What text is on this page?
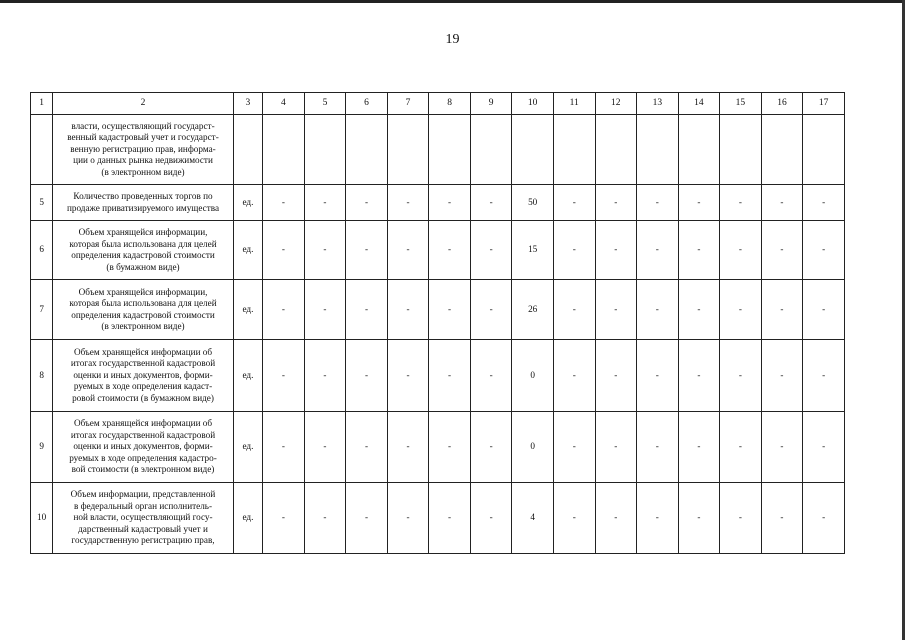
19
1	2	3	4	5	6	7	8	9	10	11	12	13	14	15	16	17

	власти, осуществляющий государст-
венный кадастровый учет и государст-
венную регистрацию прав, информа-
ции о данных рынка недвижимости
(в электронном виде)															

5	Количество проведенных торгов по
продаже приватизируемого имущества	ед.	-	-	-	-	-	-	50	-	-	-	-	-	-	-
6	Объем хранящейся информации,
которая была использована для целей
определения кадастровой стоимости
(в бумажном виде)	ед.	-	-	-	-	-	-	15	-	-	-	-	-	-	-
7	Объем хранящейся информации,
которая была использована для целей
определения кадастровой стоимости
(в электронном виде)	ед.	-	-	-	-	-	-	26	-	-	-	-	-	-	-
8	Объем хранящейся информации об
итогах государственной кадастровой
оценки и иных документов, форми-
руемых в ходе определения кадаст-
ровой стоимости (в бумажном виде)	ед.	-	-	-	-	-	-	0	-	-	-	-	-	-	-
9	Объем хранящейся информации об
итогах государственной кадастровой
оценки и иных документов, форми-
руемых в ходе определения кадастро-
вой стоимости (в электронном виде)	ед.	-	-	-	-	-	-	0	-	-	-	-	-	-	-
10	Объем информации, представленной
в федеральный орган исполнитель-
ной власти, осуществляющий госу-
дарственный кадастровый учет и
государственную регистрацию прав,	ед.	-	-	-	-	-	-	4	-	-	-	-	-	-	-
